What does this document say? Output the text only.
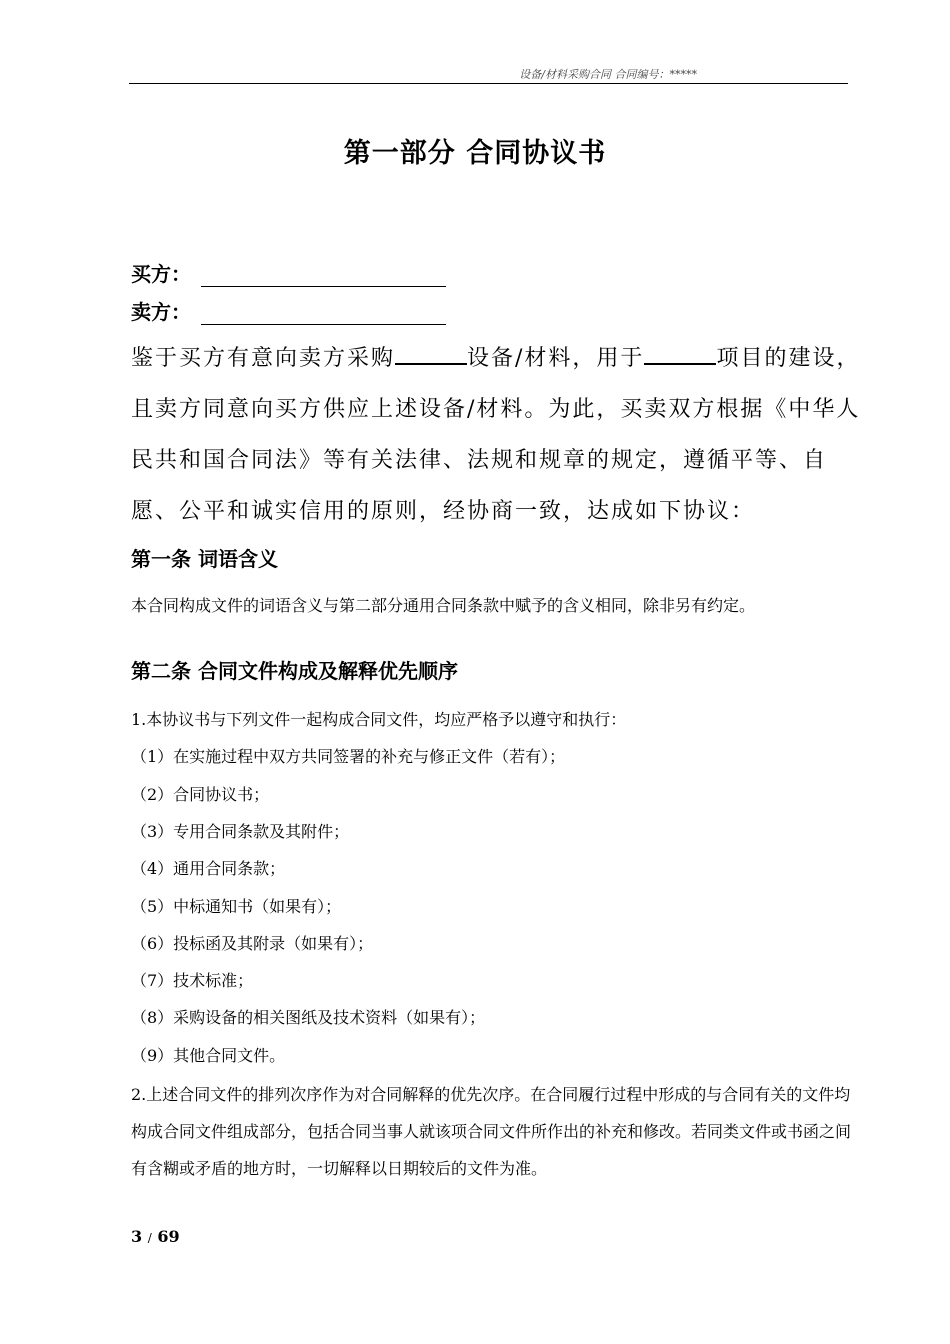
设备/材料采购合同 合同编号：*****
第一部分 合同协议书
买方：
卖方：
鉴于买方有意向卖方采购	设备/材料，用于	项目的建设，且卖方同意向买方供应上述设备/材料。为此，买卖双方根据《中华人民共和国合同法》等有关法律、法规和规章的规定，遵循平等、自愿、公平和诚实信用的原则，经协商一致，达成如下协议：
第一条 词语含义
本合同构成文件的词语含义与第二部分通用合同条款中赋予的含义相同，除非另有约定。
第二条 合同文件构成及解释优先顺序
1.本协议书与下列文件一起构成合同文件，均应严格予以遵守和执行：
（1）在实施过程中双方共同签署的补充与修正文件（若有）；
（2）合同协议书；
（3）专用合同条款及其附件；
（4）通用合同条款；
（5）中标通知书（如果有）；
（6）投标函及其附录（如果有）；
（7）技术标准；
（8）采购设备的相关图纸及技术资料（如果有）；
（9）其他合同文件。
2.上述合同文件的排列次序作为对合同解释的优先次序。在合同履行过程中形成的与合同有关的文件均构成合同文件组成部分，包括合同当事人就该项合同文件所作出的补充和修改。若同类文件或书函之间有含糊或矛盾的地方时，一切解释以日期较后的文件为准。
3 / 69
